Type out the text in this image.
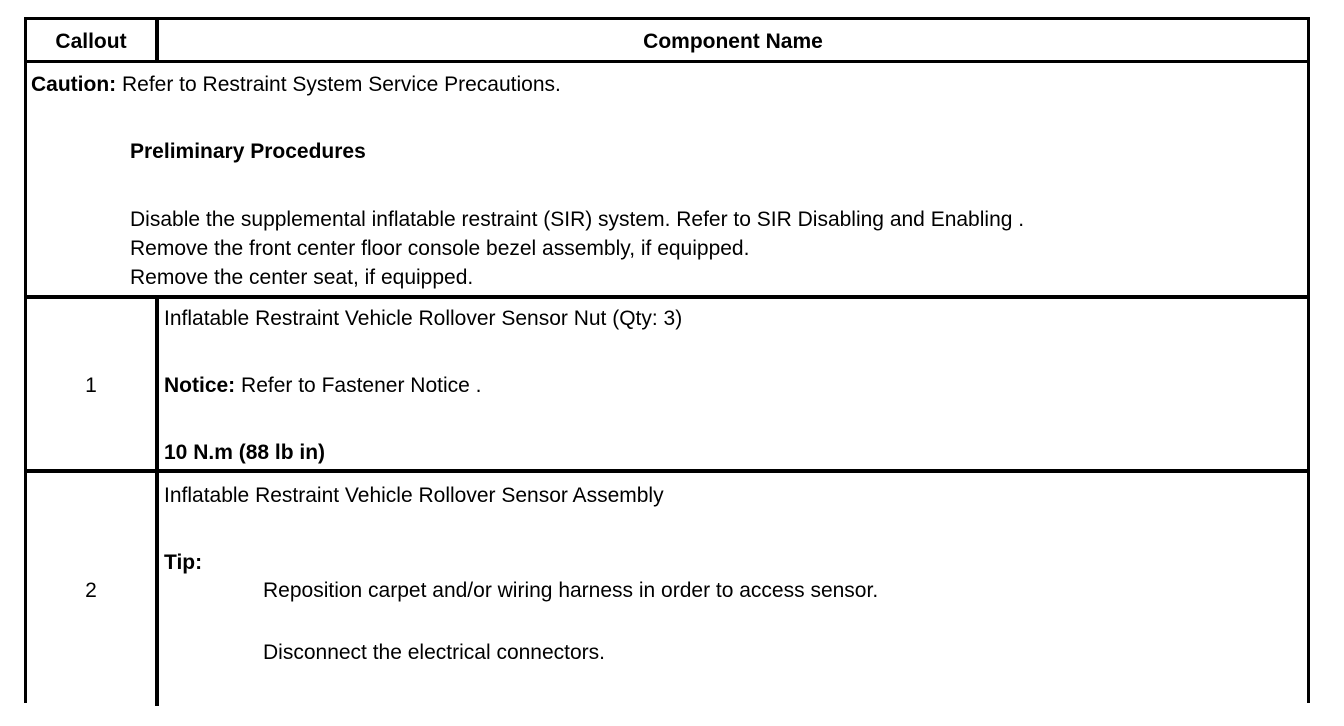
Callout	Component Name
Caution: Refer to Restraint System Service Precautions.
Preliminary Procedures
Disable the supplemental inflatable restraint (SIR) system. Refer to SIR Disabling and Enabling .
Remove the front center floor console bezel assembly, if equipped.
Remove the center seat, if equipped.
1
Inflatable Restraint Vehicle Rollover Sensor Nut (Qty: 3)
Notice: Refer to Fastener Notice .
10 N.m (88 lb in)
2
Inflatable Restraint Vehicle Rollover Sensor Assembly
Tip:
Reposition carpet and/or wiring harness in order to access sensor.
Disconnect the electrical connectors.
